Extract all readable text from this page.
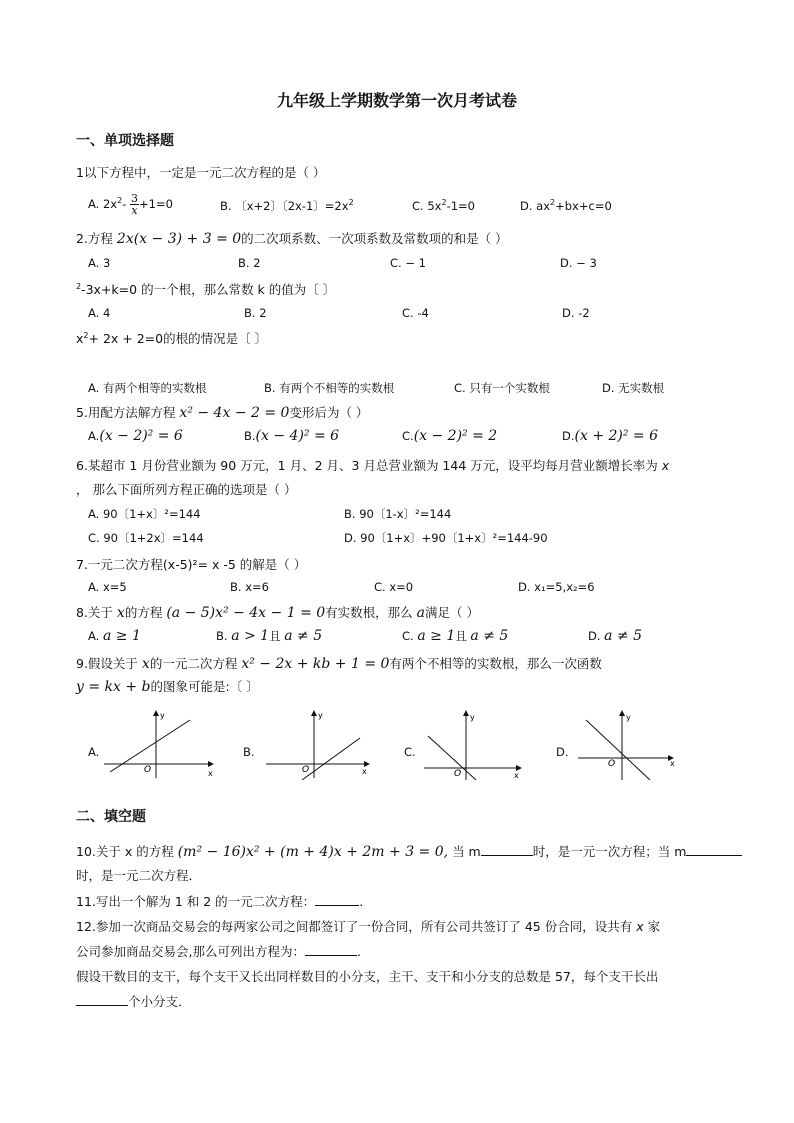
九年级上学期数学第一次月考试卷
一、单项选择题
1以下方程中，一定是一元二次方程的是（ ）
A. $2x^2- \frac{3}{x} +1=0$	B. 〔x+2〕〔2x-1〕$=2x^2$	C. $5x^2-1=0$	D. $ax^2+bx+c=0$
2.方程 2x(x − 3) + 3 = 0的二次项系数、一次项系数及常数项的和是（ ）
A. 3	B. 2	C. − 1	D. − 3
$^2$-3x+k=0 的一个根，那么常数 k 的值为〔 〕
A. 4	B. 2	C. -4	D. -2
$x^2+ 2x + 2=0$的根的情况是〔 〕
A. 有两个相等的实数根	B. 有两个不相等的实数根	C. 只有一个实数根	D. 无实数根
5.用配方法解方程 x² − 4x − 2 = 0变形后为（ ）
A.(x − 2)² = 6	B.(x − 4)² = 6	C.(x − 2)² = 2	D.(x + 2)² = 6
6.某超市 1 月份营业额为 90 万元，1 月、2 月、3 月总营业额为 144 万元，设平均每月营业额增长率为 x
， 那么下面所列方程正确的选项是（ ）
A. 90〔1+x〕²=144	B. 90〔1-x〕²=144
C. 90〔1+2x〕=144	D. 90〔1+x〕+90〔1+x〕²=144-90
7.一元二次方程(x-5)²= x -5 的解是（ ）
A. x=5	B. x=6	C. x=0	D. x₁=5,x₂=6
8.关于 x的方程 (a − 5)x² − 4x − 1 = 0有实数根，那么 a满足（ ）
A. a ≥ 1	B. a > 1且 a ≠ 5	C. a ≥ 1且 a ≠ 5	D. a ≠ 5
9.假设关于 x的一元二次方程 x² − 2x + kb + 1 = 0有两个不相等的实数根，那么一次函数
y = kx + b的图象可能是:〔 〕
A.
x
y
O
B.
x
y
O
C.
x
y
O
D.
x
y
O
二、填空题
10.关于 x 的方程 (m² − 16)x² + (m + 4)x + 2m + 3 = 0, 当 m	时，是一元一次方程；当 m
时，是一元二次方程．
11.写出一个解为 1 和 2 的一元二次方程：	.
12.参加一次商品交易会的每两家公司之间都签订了一份合同，所有公司共签订了 45 份合同，设共有 x 家
公司参加商品交易会,那么可列出方程为：	.
假设干数目的支干，每个支干又长出同样数目的小分支，主干、支干和小分支的总数是 57，每个支干长出
个小分支．
